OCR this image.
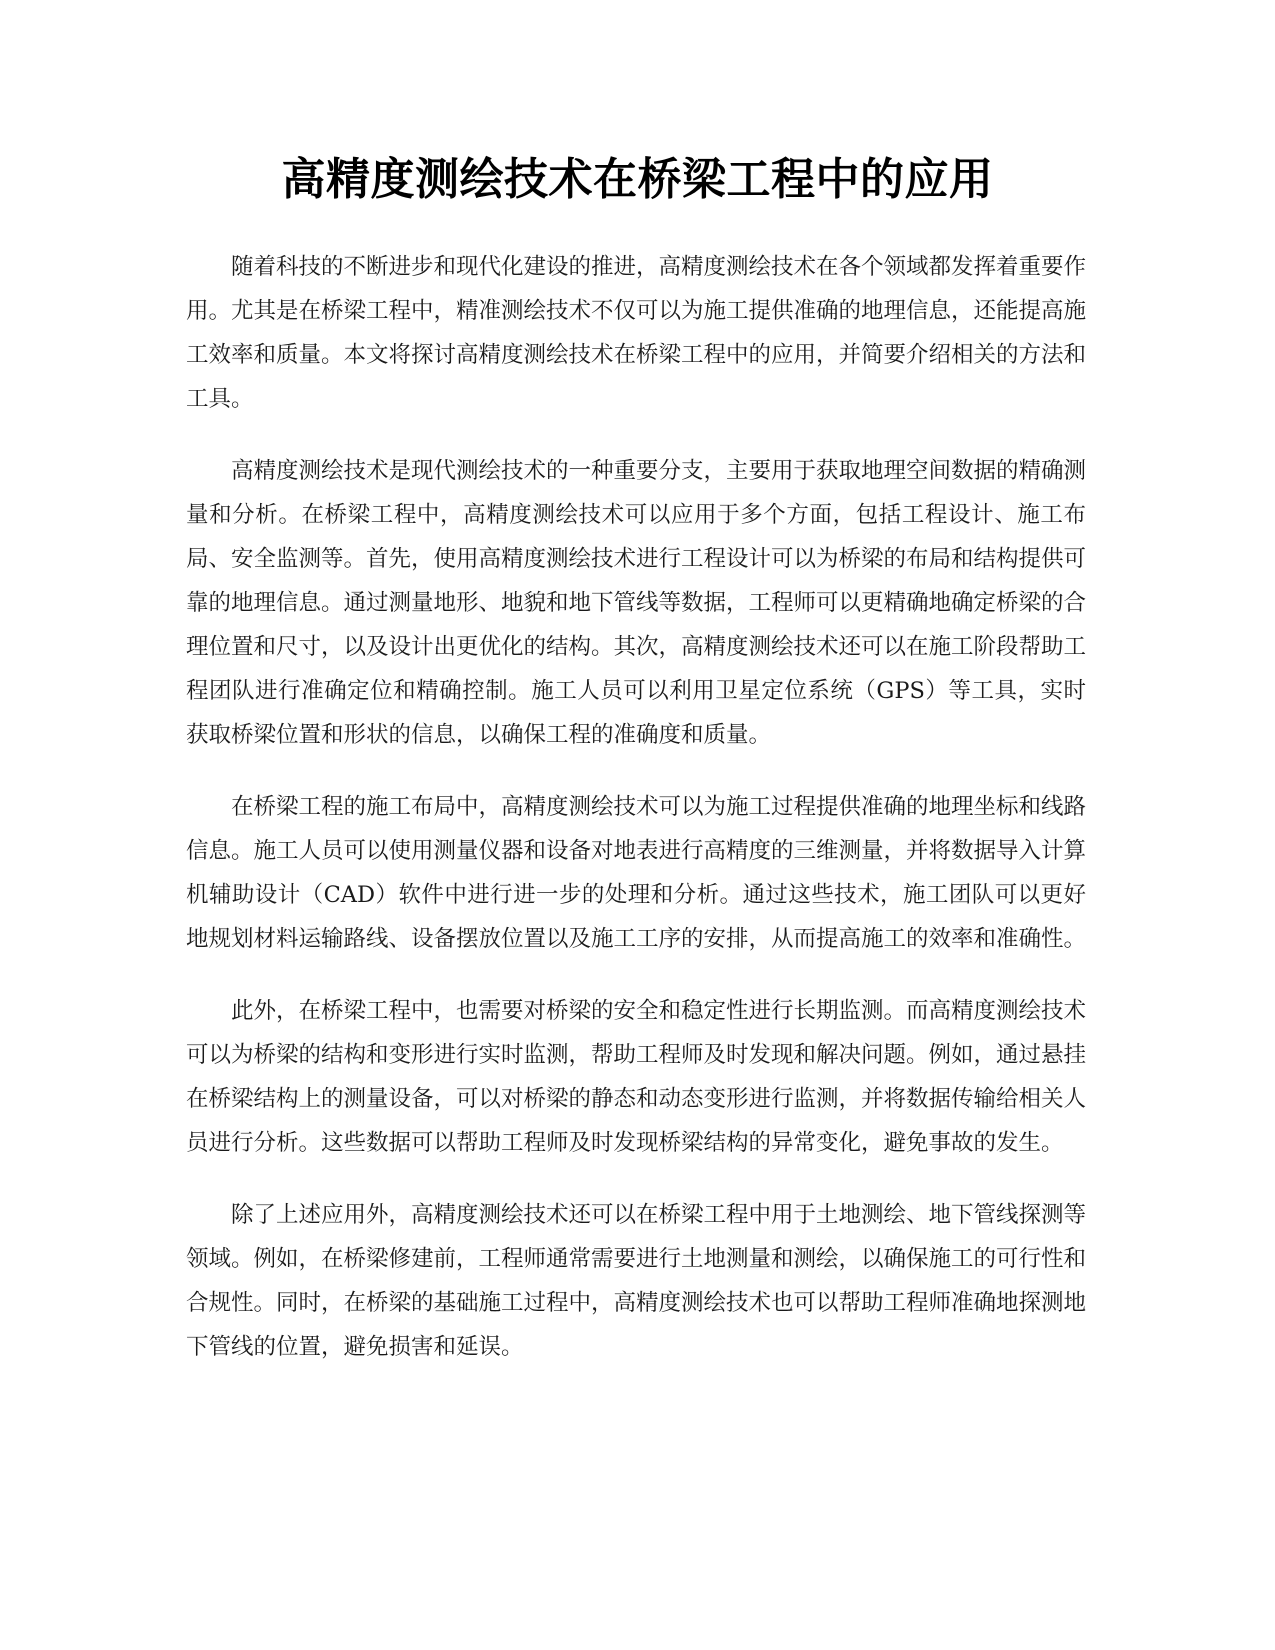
高精度测绘技术在桥梁工程中的应用

随着科技的不断进步和现代化建设的推进，高精度测绘技术在各个领域都发挥着重要作用。尤其是在桥梁工程中，精准测绘技术不仅可以为施工提供准确的地理信息，还能提高施工效率和质量。本文将探讨高精度测绘技术在桥梁工程中的应用，并简要介绍相关的方法和工具。

高精度测绘技术是现代测绘技术的一种重要分支，主要用于获取地理空间数据的精确测量和分析。在桥梁工程中，高精度测绘技术可以应用于多个方面，包括工程设计、施工布局、安全监测等。首先，使用高精度测绘技术进行工程设计可以为桥梁的布局和结构提供可靠的地理信息。通过测量地形、地貌和地下管线等数据，工程师可以更精确地确定桥梁的合理位置和尺寸，以及设计出更优化的结构。其次，高精度测绘技术还可以在施工阶段帮助工程团队进行准确定位和精确控制。施工人员可以利用卫星定位系统（GPS）等工具，实时获取桥梁位置和形状的信息，以确保工程的准确度和质量。

在桥梁工程的施工布局中，高精度测绘技术可以为施工过程提供准确的地理坐标和线路信息。施工人员可以使用测量仪器和设备对地表进行高精度的三维测量，并将数据导入计算机辅助设计（CAD）软件中进行进一步的处理和分析。通过这些技术，施工团队可以更好地规划材料运输路线、设备摆放位置以及施工工序的安排，从而提高施工的效率和准确性。

此外，在桥梁工程中，也需要对桥梁的安全和稳定性进行长期监测。而高精度测绘技术可以为桥梁的结构和变形进行实时监测，帮助工程师及时发现和解决问题。例如，通过悬挂在桥梁结构上的测量设备，可以对桥梁的静态和动态变形进行监测，并将数据传输给相关人员进行分析。这些数据可以帮助工程师及时发现桥梁结构的异常变化，避免事故的发生。

除了上述应用外，高精度测绘技术还可以在桥梁工程中用于土地测绘、地下管线探测等领域。例如，在桥梁修建前，工程师通常需要进行土地测量和测绘，以确保施工的可行性和合规性。同时，在桥梁的基础施工过程中，高精度测绘技术也可以帮助工程师准确地探测地下管线的位置，避免损害和延误。
